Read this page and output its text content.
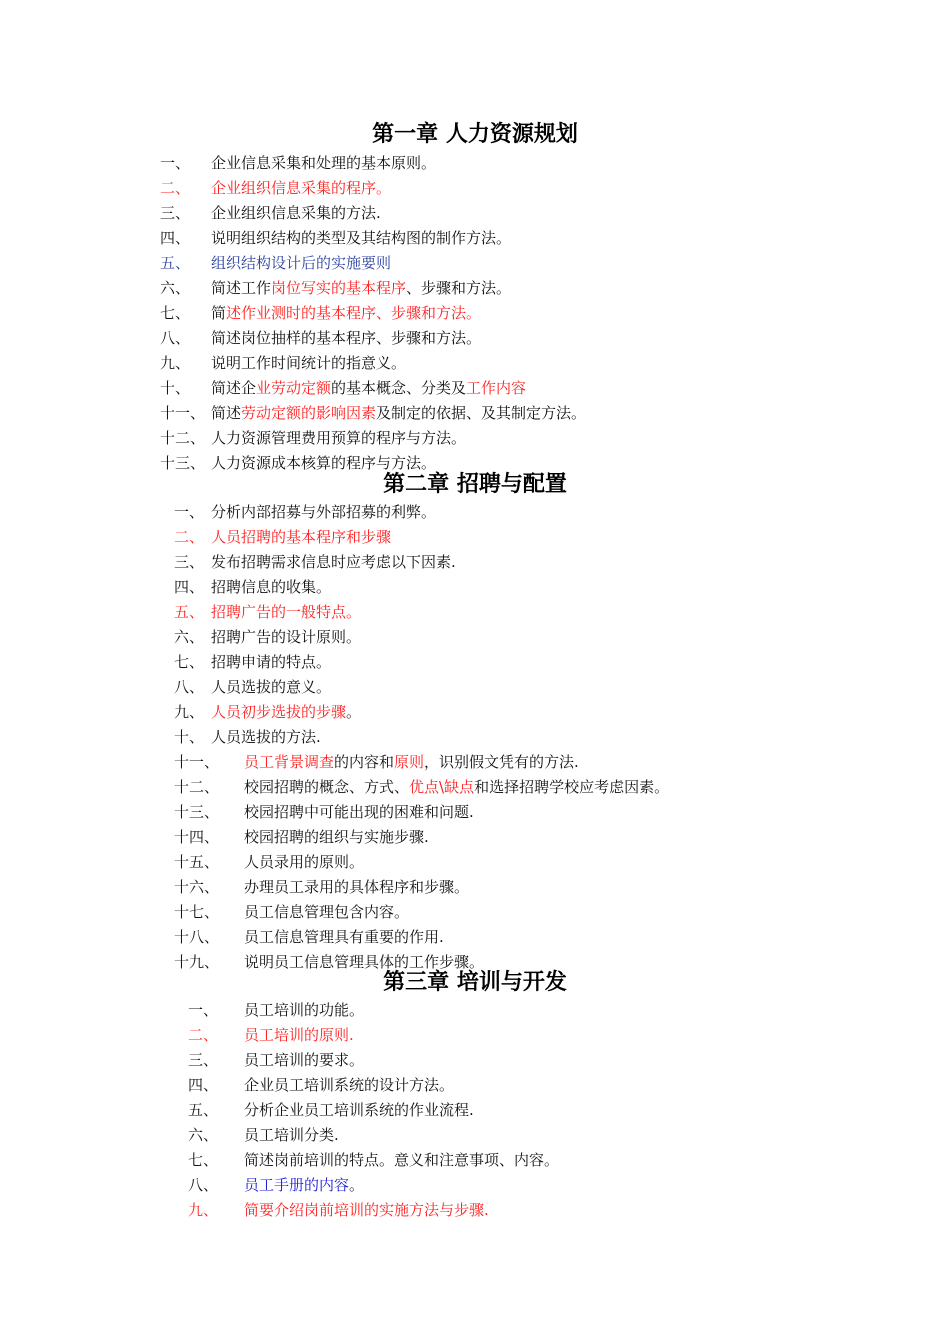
第一章 人力资源规划
一、 企业信息采集和处理的基本原则。
二、 企业组织信息采集的程序。
三、 企业组织信息采集的方法.
四、 说明组织结构的类型及其结构图的制作方法。
五、 组织结构设计后的实施要则
六、 简述工作岗位写实的基本程序、步骤和方法。
七、 简述作业测时的基本程序、步骤和方法。
八、 简述岗位抽样的基本程序、步骤和方法。
九、 说明工作时间统计的指意义。
十、 简述企业劳动定额的基本概念、分类及工作内容
十一、 简述劳动定额的影响因素及制定的依据、及其制定方法。
十二、 人力资源管理费用预算的程序与方法。
十三、 人力资源成本核算的程序与方法。
第二章 招聘与配置
一、 分析内部招募与外部招募的利弊。
二、 人员招聘的基本程序和步骤
三、 发布招聘需求信息时应考虑以下因素.
四、 招聘信息的收集。
五、 招聘广告的一般特点。
六、 招聘广告的设计原则。
七、 招聘申请的特点。
八、 人员选拔的意义。
九、 人员初步选拔的步骤。
十、 人员选拔的方法.
十一、 员工背景调查的内容和原则，识别假文凭有的方法.
十二、 校园招聘的概念、方式、优点\缺点和选择招聘学校应考虑因素。
十三、 校园招聘中可能出现的困难和问题.
十四、 校园招聘的组织与实施步骤.
十五、 人员录用的原则。
十六、 办理员工录用的具体程序和步骤。
十七、 员工信息管理包含内容。
十八、 员工信息管理具有重要的作用.
十九、 说明员工信息管理具体的工作步骤。
第三章 培训与开发
一、 员工培训的功能。
二、 员工培训的原则.
三、 员工培训的要求。
四、 企业员工培训系统的设计方法。
五、 分析企业员工培训系统的作业流程.
六、 员工培训分类.
七、 简述岗前培训的特点。意义和注意事项、内容。
八、 员工手册的内容。
九、 简要介绍岗前培训的实施方法与步骤.
